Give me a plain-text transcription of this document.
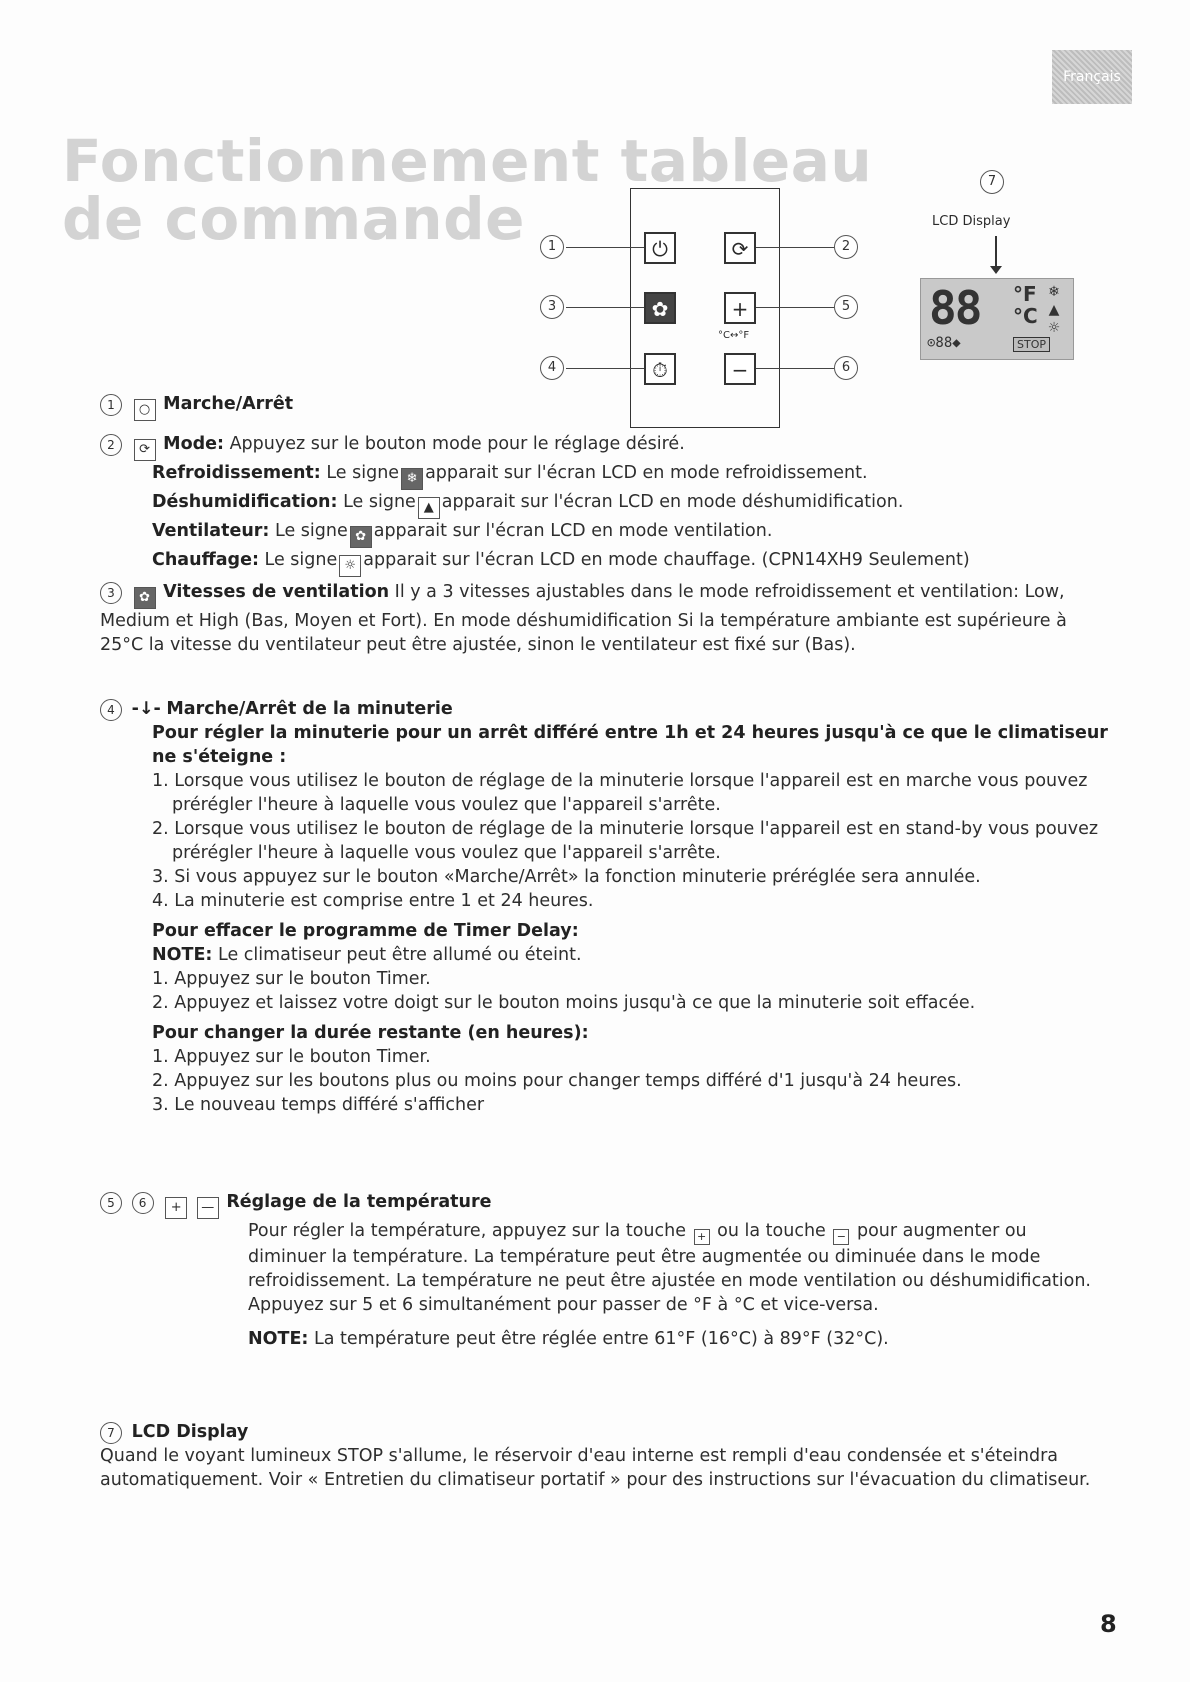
Français
Fonctionnement tableau
de commande	1	⏻	⟳	2
3	✿	+	5
°C↔°F
4	⏱	−	6
7
LCD Display
88 °F
°C
❄
▲
☼
⊙88◆	STOP
1 ○ Marche/Arrêt
2 ⟳ Mode: Appuyez sur le bouton mode pour le réglage désiré.
Refroidissement: Le signe ❄ apparait sur l'écran LCD en mode refroidissement.
Déshumidification: Le signe ▲ apparait sur l'écran LCD en mode déshumidification.
Ventilateur: Le signe ✿ apparait sur l'écran LCD en mode ventilation.
Chauffage: Le signe ☼ apparait sur l'écran LCD en mode chauffage. (CPN14XH9 Seulement)
3 ✿ Vitesses de ventilation Il y a 3 vitesses ajustables dans le mode refroidissement et ventilation: Low, Medium et High (Bas, Moyen et Fort). En mode déshumidification Si la température ambiante est supérieure à 25°C la vitesse du ventilateur peut être ajustée, sinon le ventilateur est fixé sur (Bas).
4 -↓- Marche/Arrêt de la minuterie
Pour régler la minuterie pour un arrêt différé entre 1h et 24 heures jusqu'à ce que le climatiseur ne s'éteigne :
1. Lorsque vous utilisez le bouton de réglage de la minuterie lorsque l'appareil est en marche vous pouvez prérégler l'heure à laquelle vous voulez que l'appareil s'arrête.
2. Lorsque vous utilisez le bouton de réglage de la minuterie lorsque l'appareil est en stand-by vous pouvez prérégler l'heure à laquelle vous voulez que l'appareil s'arrête.
3. Si vous appuyez sur le bouton «Marche/Arrêt» la fonction minuterie préréglée sera annulée.
4. La minuterie est comprise entre 1 et 24 heures.
Pour effacer le programme de Timer Delay:
NOTE: Le climatiseur peut être allumé ou éteint.
1. Appuyez sur le bouton Timer.
2. Appuyez et laissez votre doigt sur le bouton moins jusqu'à ce que la minuterie soit effacée.
Pour changer la durée restante (en heures):
1. Appuyez sur le bouton Timer.
2. Appuyez sur les boutons plus ou moins pour changer temps différé d'1 jusqu'à 24 heures.
3. Le nouveau temps différé s'afficher
5 6 + — Réglage de la température
Pour régler la température, appuyez sur la touche + ou la touche − pour augmenter ou diminuer la température. La température peut être augmentée ou diminuée dans le mode refroidissement. La température ne peut être ajustée en mode ventilation ou déshumidification. Appuyez sur 5 et 6 simultanément pour passer de °F à °C et vice-versa.
NOTE: La température peut être réglée entre 61°F (16°C) à 89°F (32°C).
7 LCD Display
Quand le voyant lumineux STOP s'allume, le réservoir d'eau interne est rempli d'eau condensée et s'éteindra automatiquement. Voir « Entretien du climatiseur portatif » pour des instructions sur l'évacuation du climatiseur.
8
